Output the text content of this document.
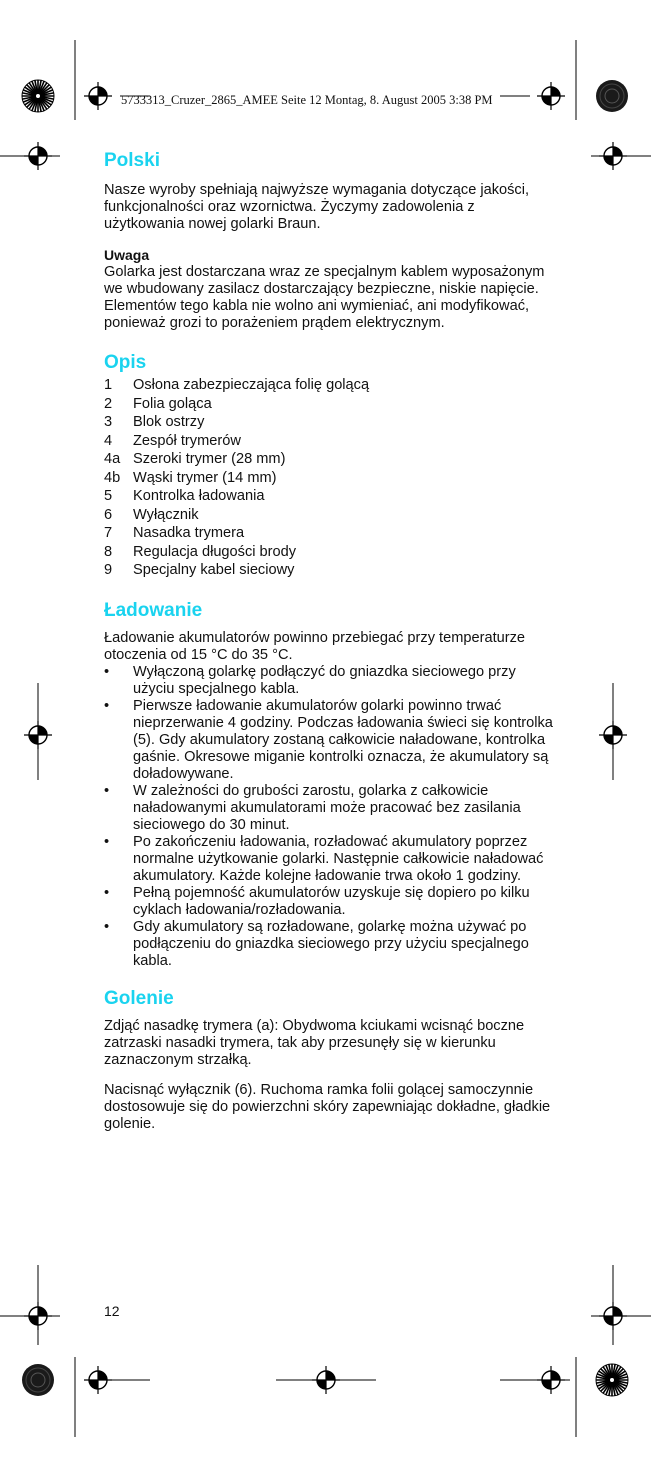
5733313_Cruzer_2865_AMEE Seite 12 Montag, 8. August 2005 3:38 PM
Polski

Nasze wyroby spełniają najwyższe wymagania dotyczące jakości, funkcjonalności oraz wzornictwa. Życzymy zadowolenia z użytkowania nowej golarki Braun.

Uwaga

Golarka jest dostarczana wraz ze specjalnym kablem wyposażonym we wbudowany zasilacz dostarczający bezpieczne, niskie napięcie. Elementów tego kabla nie wolno ani wymieniać, ani modyfikować, ponieważ grozi to porażeniem prądem elektrycznym.

Opis
1	Osłona zabezpieczająca folię golącą
2	Folia goląca
3	Blok ostrzy
4	Zespół trymerów
4a Szeroki trymer (28 mm)
4b Wąski trymer (14 mm)
5	Kontrolka ładowania
6	Wyłącznik
7	Nasadka trymera
8	Regulacja długości brody
9	Specjalny kabel sieciowy
Ładowanie

Ładowanie akumulatorów powinno przebiegać przy temperaturze otoczenia od 15 °C do 35 °C.

•	Wyłączoną golarkę podłączyć do gniazdka sieciowego przy użyciu specjalnego kabla.
•	Pierwsze ładowanie akumulatorów golarki powinno trwać nieprzerwanie 4 godziny. Podczas ładowania świeci się kontrolka (5). Gdy akumulatory zostaną całkowicie naładowane, kontrolka gaśnie. Okresowe miganie kontrolki oznacza, że akumulatory są doładowywane.
•	W zależności do grubości zarostu, golarka z całkowicie naładowanymi akumulatorami może pracować bez zasilania sieciowego do 30 minut.
•	Po zakończeniu ładowania, rozładować akumulatory poprzez normalne użytkowanie golarki. Następnie całkowicie naładować akumulatory. Każde kolejne ładowanie trwa około 1 godziny.
•	Pełną pojemność akumulatorów uzyskuje się dopiero po kilku cyklach ładowania/rozładowania.
•	Gdy akumulatory są rozładowane, golarkę można używać po podłączeniu do gniazdka sieciowego przy użyciu specjalnego kabla.
Golenie

Zdjąć nasadkę trymera (a): Obydwoma kciukami wcisnąć boczne zatrzaski nasadki trymera, tak aby przesunęły się w kierunku zaznaczonym strzałką.

Nacisnąć wyłącznik (6). Ruchoma ramka folii golącej samoczynnie dostosowuje się do powierzchni skóry zapewniając dokładne, gładkie golenie.

12
